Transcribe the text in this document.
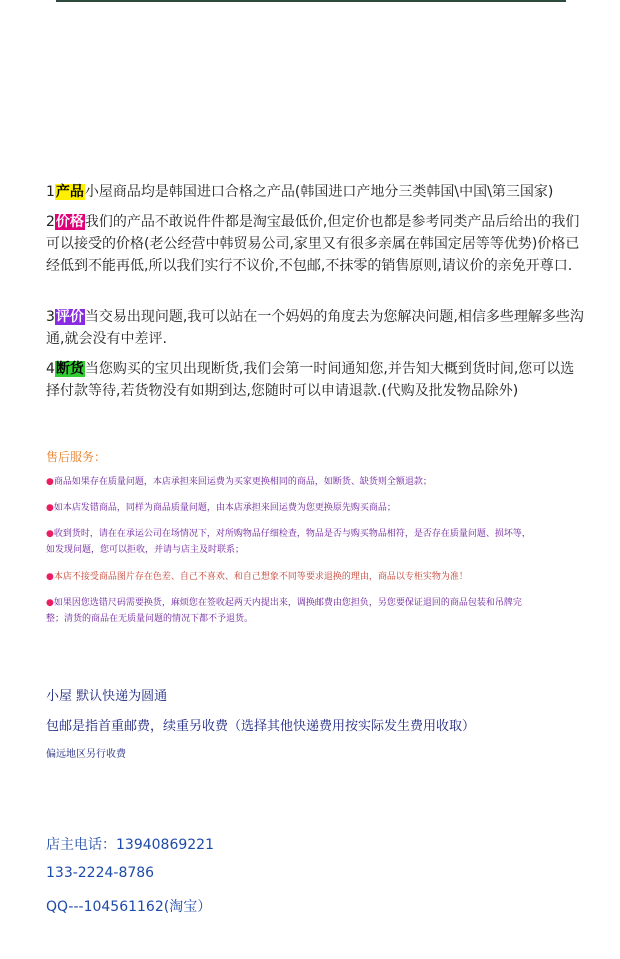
1产品小屋商品均是韩国进口合格之产品(韩国进口产地分三类韩国\中国\第三国家)

2价格我们的产品不敢说件件都是淘宝最低价,但定价也都是参考同类产品后给出的我们可以接受的价格(老公经营中韩贸易公司,家里又有很多亲属在韩国定居等等优势)价格已经低到不能再低,所以我们实行不议价,不包邮,不抹零的销售原则,请议价的亲免开尊口.

3评价当交易出现问题,我可以站在一个妈妈的角度去为您解决问题,相信多些理解多些沟通,就会没有中差评.

4断货当您购买的宝贝出现断货,我们会第一时间通知您,并告知大概到货时间,您可以选择付款等待,若货物没有如期到达,您随时可以申请退款.(代购及批发物品除外)

售后服务：

●商品如果存在质量问题，本店承担来回运费为买家更换相同的商品，如断货、缺货则全额退款；

●如本店发错商品，同样为商品质量问题，由本店承担来回运费为您更换原先购买商品；

●收到货时，请在在承运公司在场情况下，对所购物品仔细检查，物品是否与购买物品相符，是否存在质量问题、损坏等，如发现问题，您可以拒收，并请与店主及时联系；

●本店不接受商品图片存在色差、自己不喜欢、和自己想象不同等要求退换的理由，商品以专柜实物为准！

●如果因您选错尺码需要换货，麻烦您在签收起两天内提出来，调换邮费由您担负，另您要保证退回的商品包装和吊牌完整；清货的商品在无质量问题的情况下都不予退货。

小屋 默认快递为圆通

包邮是指首重邮费，续重另收费（选择其他快递费用按实际发生费用收取）

偏远地区另行收费

店主电话：13940869221

133-2224-8786

QQ---104561162(淘宝）
